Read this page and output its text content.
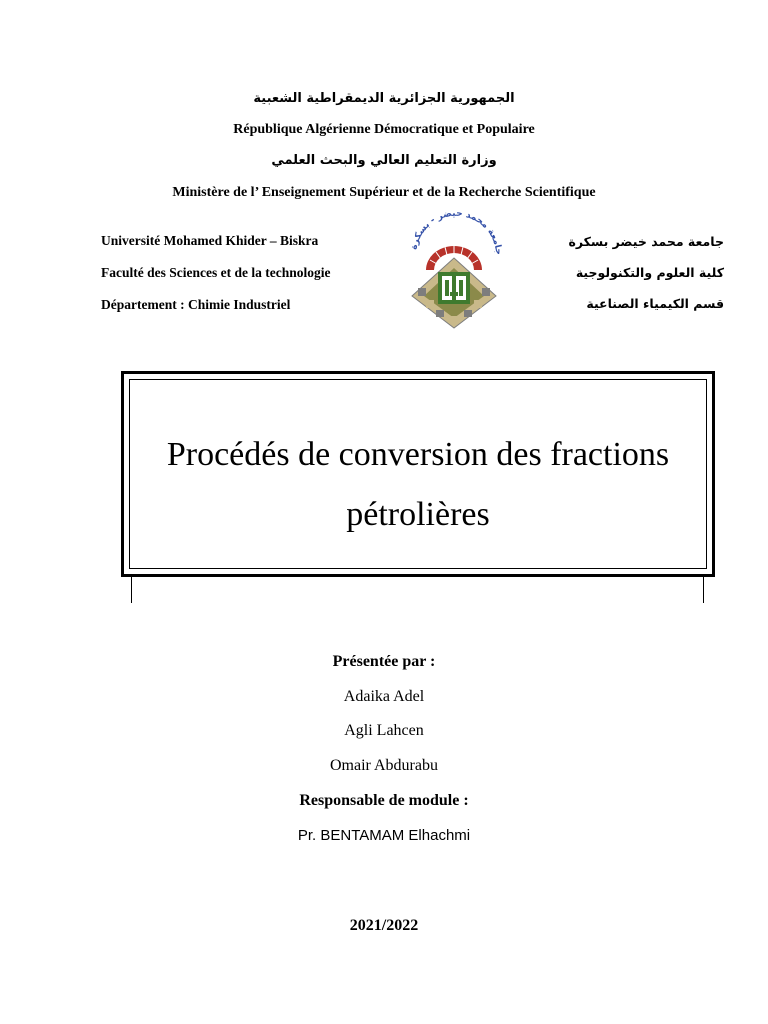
الجمهورية الجزائرية الديمقراطية الشعبية
République Algérienne Démocratique et Populaire
وزارة التعليم العالي والبحث العلمي
Ministère de l’ Enseignement Supérieur et de la Recherche Scientifique
Université Mohamed Khider – Biskra
Faculté des Sciences et de la technologie
Département : Chimie Industriel
جامعة محمد خيضر بسكرة
كلية العلوم والتكنولوجية
قسم الكيمياء الصناعية
جامعة محمد خيضر - بسكرة
Procédés de conversion des fractions
pétrolières
Présentée par :
Adaika Adel
Agli Lahcen
Omair Abdurabu
Responsable de module :
Pr. BENTAMAM Elhachmi
2021/2022
